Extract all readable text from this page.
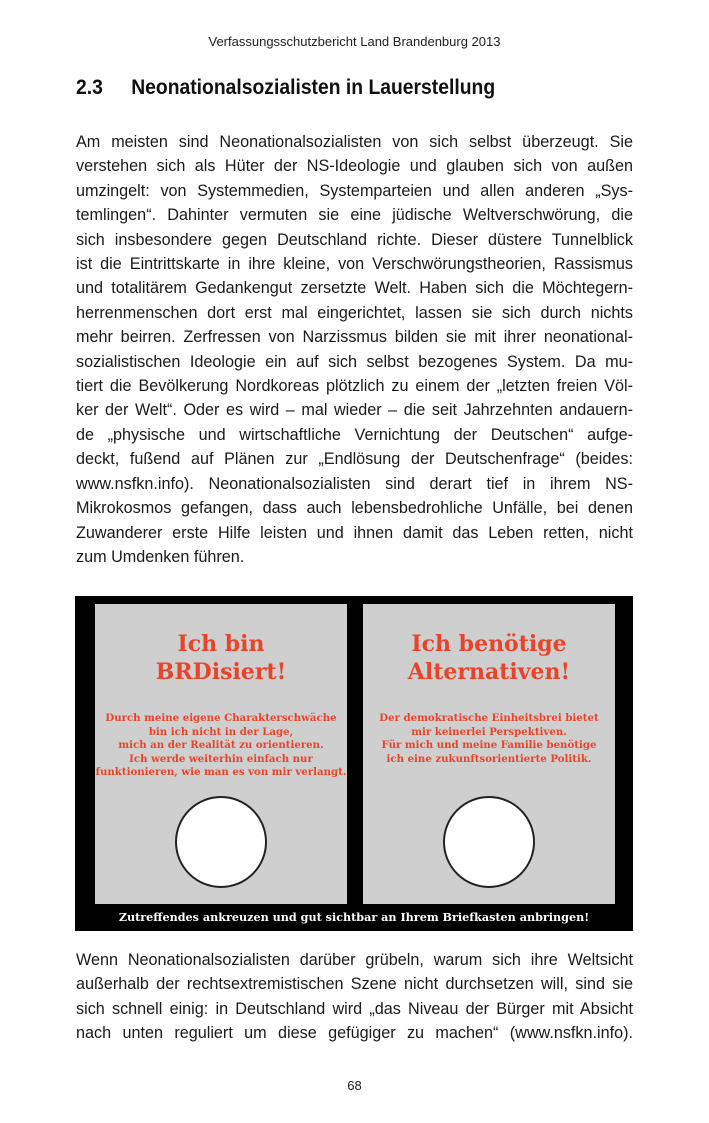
Verfassungsschutzbericht Land Brandenburg 2013
2.3 Neonationalsozialisten in Lauerstellung

Am meisten sind Neonationalsozialisten von sich selbst überzeugt. Sie
verstehen sich als Hüter der NS-Ideologie und glauben sich von außen
umzingelt: von Systemmedien, Systemparteien und allen anderen „Sys-
temlingen“. Dahinter vermuten sie eine jüdische Weltverschwörung, die
sich insbesondere gegen Deutschland richte. Dieser düstere Tunnelblick
ist die Eintrittskarte in ihre kleine, von Verschwörungstheorien, Rassismus
und totalitärem Gedankengut zersetzte Welt. Haben sich die Möchtegern-
herrenmenschen dort erst mal eingerichtet, lassen sie sich durch nichts
mehr beirren. Zerfressen von Narzissmus bilden sie mit ihrer neonational-
sozialistischen Ideologie ein auf sich selbst bezogenes System. Da mu-
tiert die Bevölkerung Nordkoreas plötzlich zu einem der „letzten freien Völ-
ker der Welt“. Oder es wird – mal wieder – die seit Jahrzehnten andauern-
de „physische und wirtschaftliche Vernichtung der Deutschen“ aufge-
deckt, fußend auf Plänen zur „Endlösung der Deutschenfrage“ (beides:
www.nsfkn.info). Neonationalsozialisten sind derart tief in ihrem NS-
Mikrokosmos gefangen, dass auch lebensbedrohliche Unfälle, bei denen
Zuwanderer erste Hilfe leisten und ihnen damit das Leben retten, nicht
zum Umdenken führen.

Ich bin
BRDisiert!
Durch meine eigene Charakterschwäche
bin ich nicht in der Lage,
mich an der Realität zu orientieren.
Ich werde weiterhin einfach nur
funktionieren, wie man es von mir verlangt.
Ich benötige
Alternativen!
Der demokratische Einheitsbrei bietet
mir keinerlei Perspektiven.
Für mich und meine Familie benötige
ich eine zukunftsorientierte Politik.
Zutreffendes ankreuzen und gut sichtbar an Ihrem Briefkasten anbringen!

Wenn Neonationalsozialisten darüber grübeln, warum sich ihre Weltsicht
außerhalb der rechtsextremistischen Szene nicht durchsetzen will, sind sie
sich schnell einig: in Deutschland wird „das Niveau der Bürger mit Absicht
nach unten reguliert um diese gefügiger zu machen“ (www.nsfkn.info).

68
